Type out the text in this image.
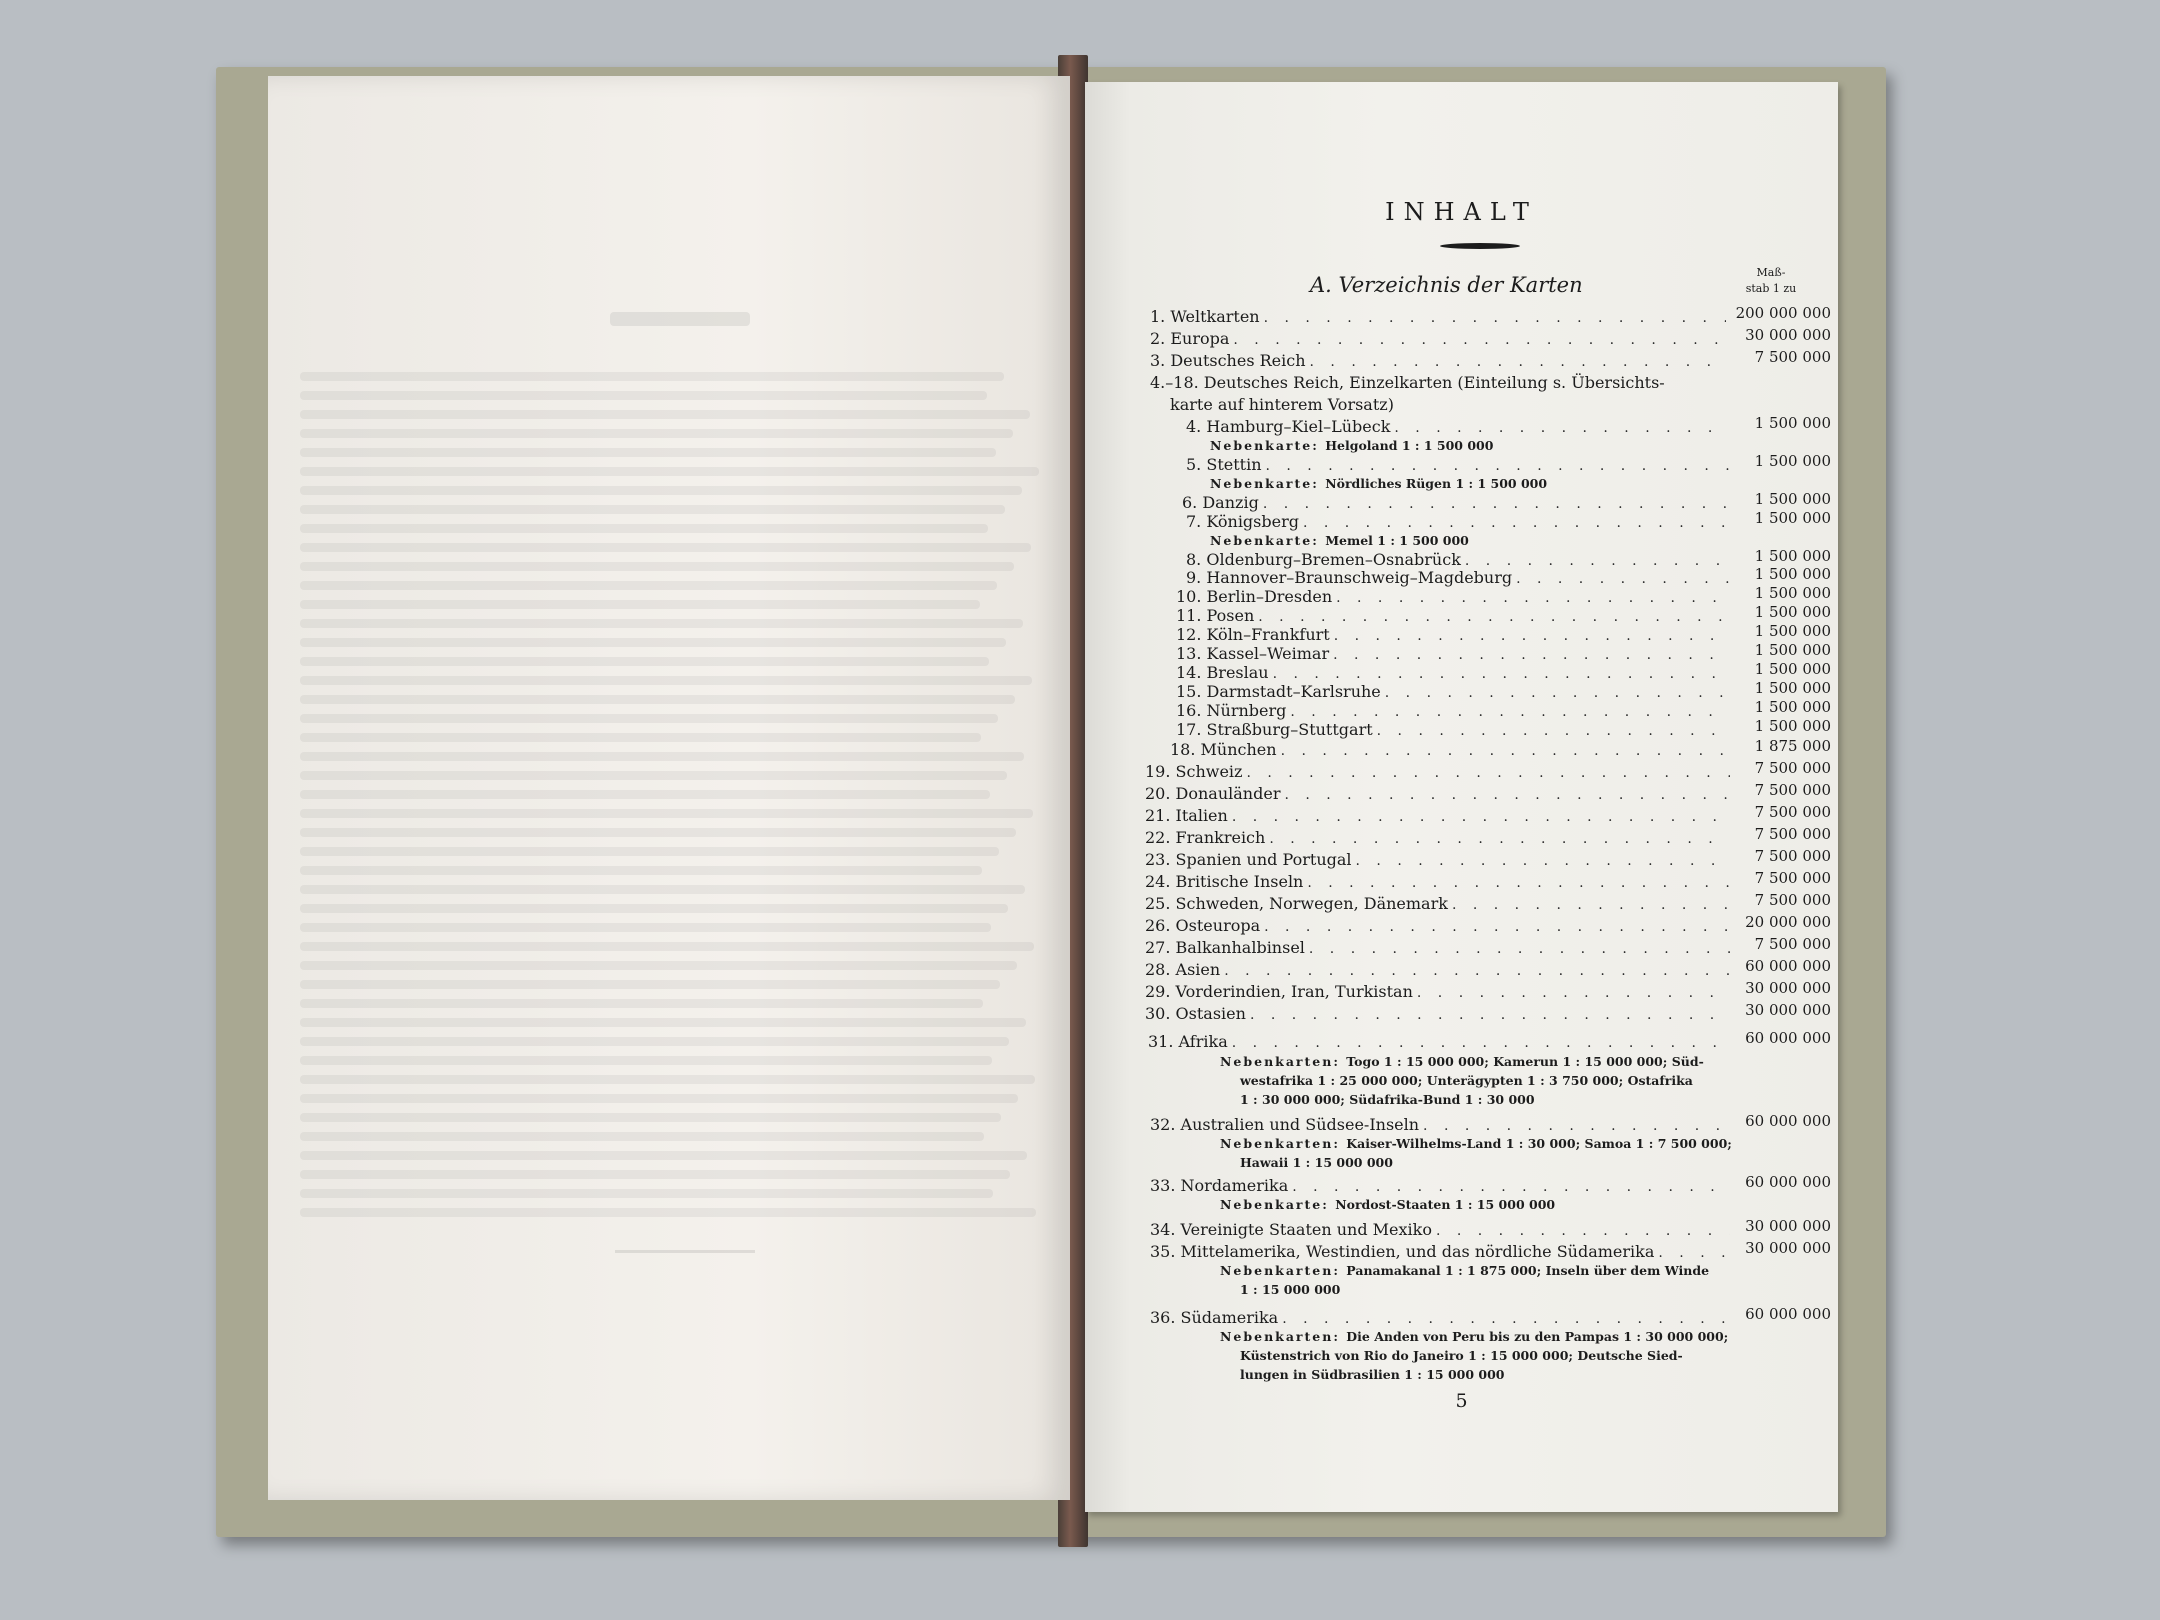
INHALT
A. Verzeichnis der Karten
Maß-
stab 1 zu
1. Weltkarten . . .	200 000 000
2. Europa . . .	30 000 000
3. Deutsches Reich . . .	7 500 000
4.–18. Deutsches Reich, Einzelkarten (Einteilung s. Übersichts-
karte auf hinterem Vorsatz)
4. Hamburg–Kiel–Lübeck . . .	1 500 000
5. Stettin . . .	1 500 000
6. Danzig . . .	1 500 000
7. Königsberg . . .	1 500 000
8. Oldenburg–Bremen–Osnabrück . . .	1 500 000
9. Hannover–Braunschweig–Magdeburg . . .	1 500 000
10. Berlin–Dresden . . .	1 500 000
11. Posen . . .	1 500 000
12. Köln–Frankfurt . . .	1 500 000
13. Kassel–Weimar . . .	1 500 000
14. Breslau . . .	1 500 000
15. Darmstadt–Karlsruhe . . .	1 500 000
16. Nürnberg . . .	1 500 000
17. Straßburg–Stuttgart . . .	1 500 000
18. München . . .	1 875 000
19. Schweiz . . .	7 500 000
20. Donauländer . . .	7 500 000
21. Italien . . .	7 500 000
22. Frankreich . . .	7 500 000
23. Spanien und Portugal . . .	7 500 000
24. Britische Inseln . . .	7 500 000
25. Schweden, Norwegen, Dänemark . . .	7 500 000
26. Osteuropa . . .	20 000 000
27. Balkanhalbinsel . . .	7 500 000
28. Asien . . .	60 000 000
29. Vorderindien, Iran, Turkistan . . .	30 000 000
30. Ostasien . . .	30 000 000
31. Afrika . . .	60 000 000
32. Australien und Südsee-Inseln . . .	60 000 000
33. Nordamerika . . .	60 000 000
34. Vereinigte Staaten und Mexiko . . .	30 000 000
35. Mittelamerika, Westindien, und das nördliche Südamerika . . .	30 000 000
36. Südamerika . . .	60 000 000
5
Nebenkarte: Helgoland 1 : 1 500 000
Nebenkarte: Nördliches Rügen 1 : 1 500 000
Nebenkarte: Memel 1 : 1 500 000
Nebenkarten: Togo 1 : 15 000 000; Kamerun 1 : 15 000 000; Süd-
westafrika 1 : 25 000 000; Unterägypten 1 : 3 750 000; Ostafrika
1 : 30 000 000; Südafrika-Bund 1 : 30 000
Nebenkarten: Kaiser-Wilhelms-Land 1 : 30 000; Samoa 1 : 7 500 000;
Hawaii 1 : 15 000 000
Nebenkarte: Nordost-Staaten 1 : 15 000 000
Nebenkarten: Panamakanal 1 : 1 875 000; Inseln über dem Winde
1 : 15 000 000
Nebenkarten: Die Anden von Peru bis zu den Pampas 1 : 30 000 000;
Küstenstrich von Rio do Janeiro 1 : 15 000 000; Deutsche Sied-
lungen in Südbrasilien 1 : 15 000 000
